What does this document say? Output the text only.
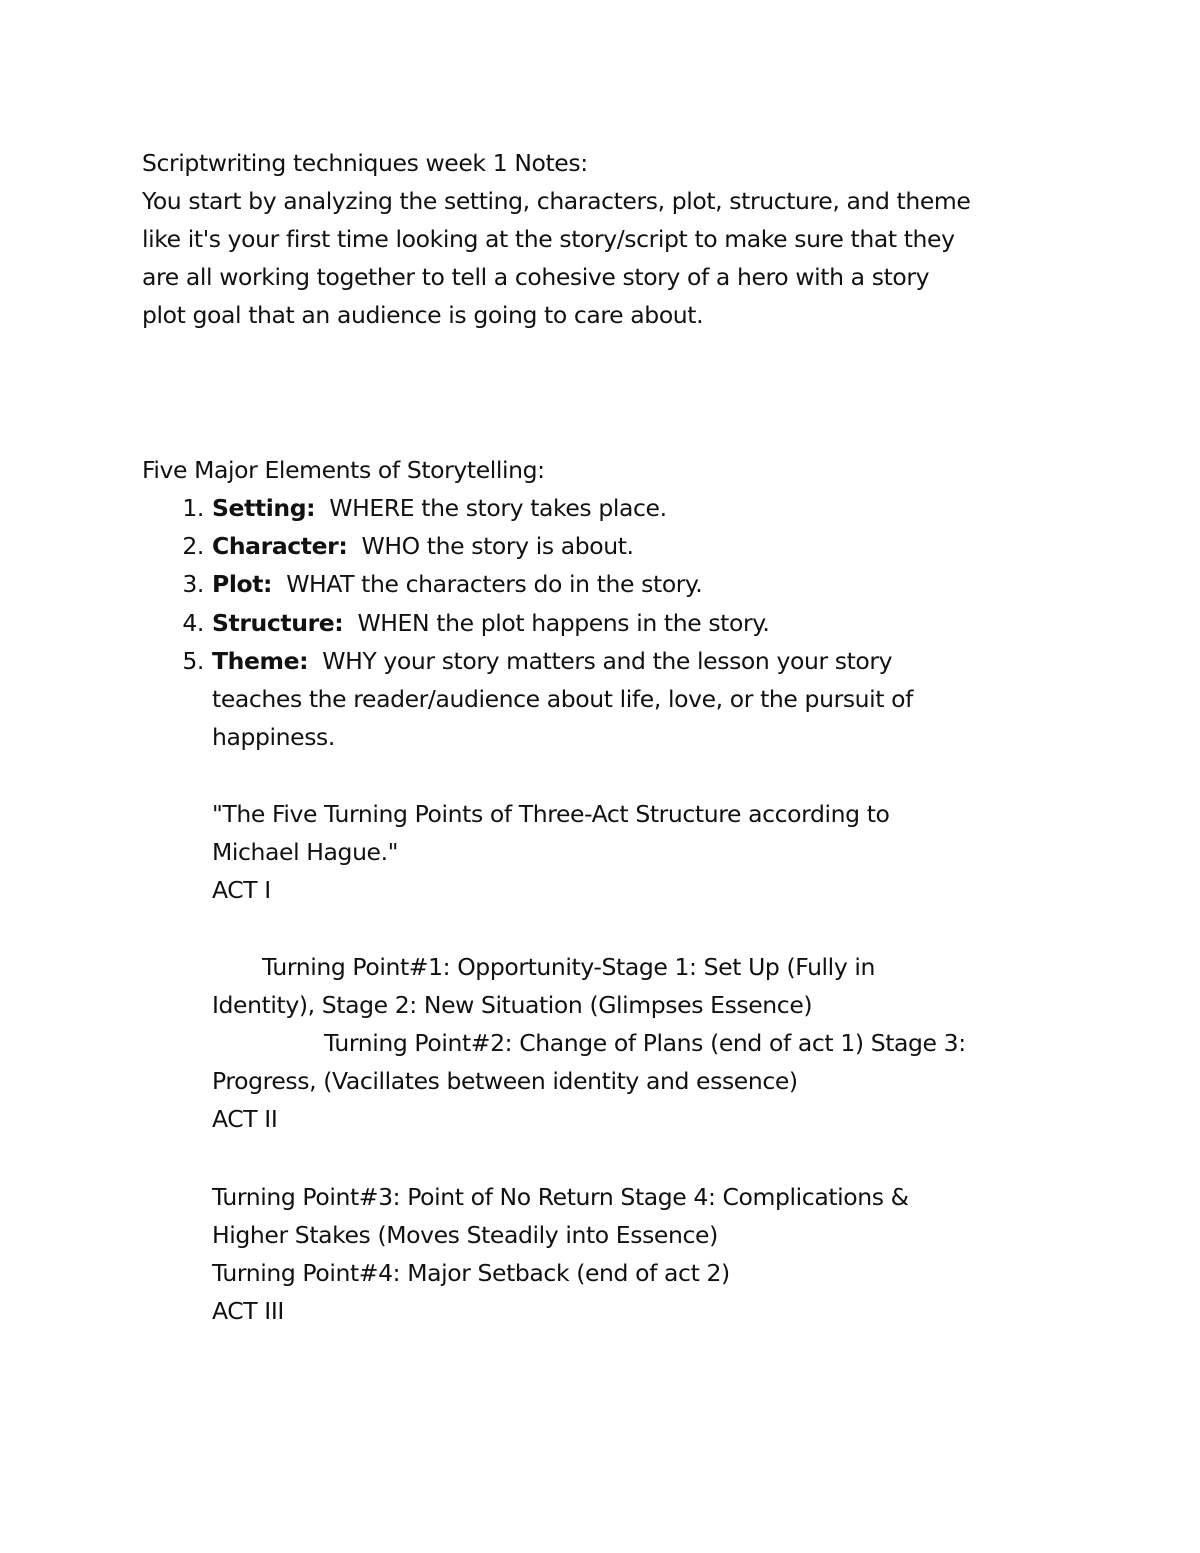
Scriptwriting techniques week 1 Notes:
You start by analyzing the setting, characters, plot, structure, and theme
like it's your first time looking at the story/script to make sure that they
are all working together to tell a cohesive story of a hero with a story
plot goal that an audience is going to care about.
Five Major Elements of Storytelling:
1. Setting: WHERE the story takes place.
2. Character: WHO the story is about.
3. Plot: WHAT the characters do in the story.
4. Structure: WHEN the plot happens in the story.
5. Theme: WHY your story matters and the lesson your story
teaches the reader/audience about life, love, or the pursuit of
happiness.
"The Five Turning Points of Three-Act Structure according to
Michael Hague."
ACT I
Turning Point#1: Opportunity-Stage 1: Set Up (Fully in
Identity), Stage 2: New Situation (Glimpses Essence)
Turning Point#2: Change of Plans (end of act 1) Stage 3:
Progress, (Vacillates between identity and essence)
ACT II
Turning Point#3: Point of No Return Stage 4: Complications &
Higher Stakes (Moves Steadily into Essence)
Turning Point#4: Major Setback (end of act 2)
ACT III
